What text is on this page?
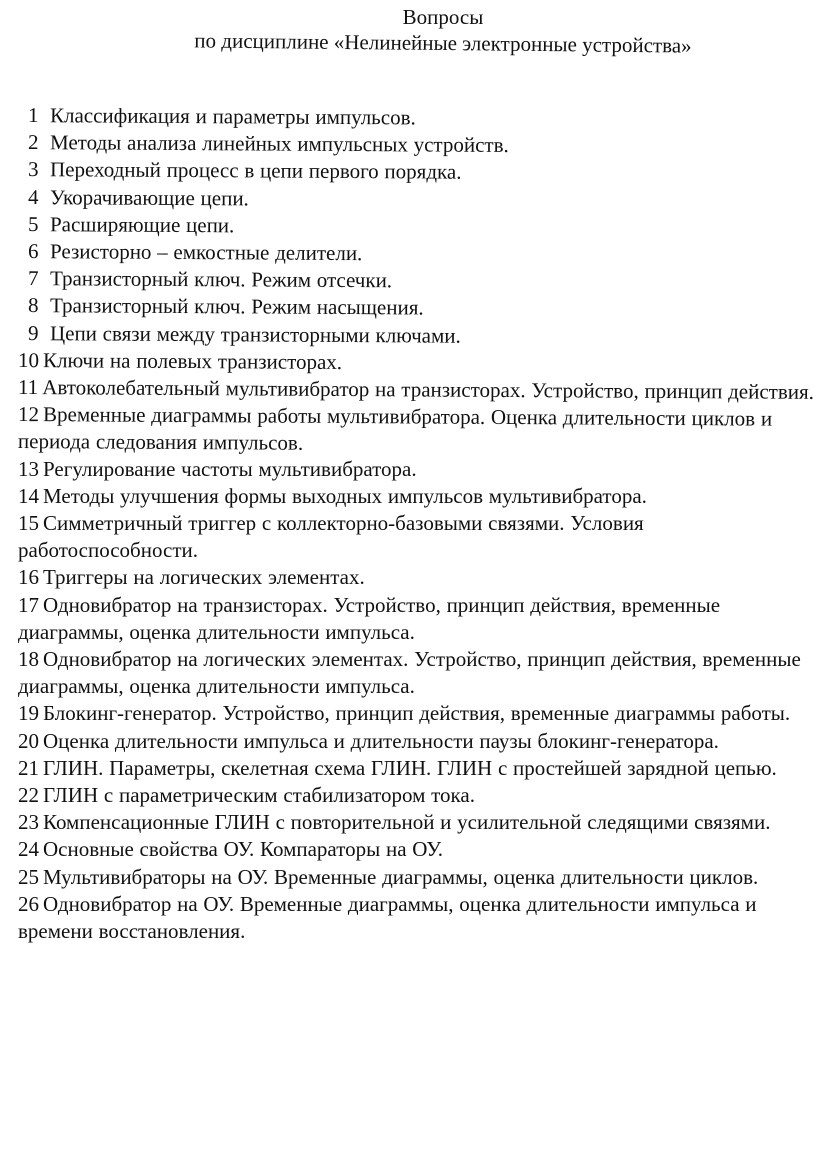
Вопросы
по дисциплине «Нелинейные электронные устройства»
1 Классификация и параметры импульсов.
2 Методы анализа линейных импульсных устройств.
3 Переходный процесс в цепи первого порядка.
4 Укорачивающие цепи.
5 Расширяющие цепи.
6 Резисторно – емкостные делители.
7 Транзисторный ключ. Режим отсечки.
8 Транзисторный ключ. Режим насыщения.
9 Цепи связи между транзисторными ключами.
10 Ключи на полевых транзисторах.
11 Автоколебательный мультивибратор на транзисторах. Устройство, принцип действия.
12 Временные диаграммы работы мультивибратора. Оценка длительности циклов и периода следования импульсов.
13 Регулирование частоты мультивибратора.
14 Методы улучшения формы выходных импульсов мультивибратора.
15 Симметричный триггер с коллекторно-базовыми связями. Условия работоспособности.
16 Триггеры на логических элементах.
17 Одновибратор на транзисторах. Устройство, принцип действия, временные диаграммы, оценка длительности импульса.
18 Одновибратор на логических элементах. Устройство, принцип действия, временные диаграммы, оценка длительности импульса.
19 Блокинг-генератор. Устройство, принцип действия, временные диаграммы работы.
20 Оценка длительности импульса и длительности паузы блокинг-генератора.
21 ГЛИН. Параметры, скелетная схема ГЛИН. ГЛИН с простейшей зарядной цепью.
22 ГЛИН с параметрическим стабилизатором тока.
23 Компенсационные ГЛИН с повторительной и усилительной следящими связями.
24 Основные свойства ОУ. Компараторы на ОУ.
25 Мультивибраторы на ОУ. Временные диаграммы, оценка длительности циклов.
26 Одновибратор на ОУ. Временные диаграммы, оценка длительности импульса и времени восстановления.
